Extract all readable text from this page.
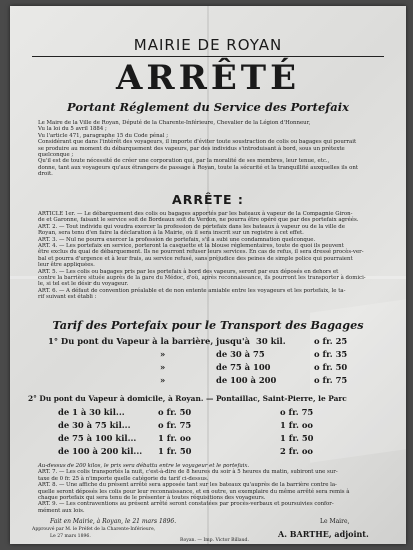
MAIRIE DE ROYAN
ARRÊTÉ
Portant Réglement du Service des Portefaix
Le Maire de la Ville de Royan, Député de la Charente-Inférieure, Chevalier de la Légion d'Honneur,
Vu la loi du 5 avril 1884 ;
Vu l'article 471, paragraphe 15 du Code pénal ;
Considérant que dans l'intérêt des voyageurs, il importe d'éviter toute soustraction de colis ou bagages qui pourrait
se produire au moment du débarquement des vapeurs, par des individus s'introduisant à bord, sous un prétexte
quelconque ;
Qu'il est de toute nécessité de créer une corporation qui, par la moralité de ses membres, leur tenue, etc.,
donne, tant aux voyageurs qu'aux étrangers de passage à Royan, toute la sécurité et la tranquillité auxquelles ils ont
droit.
ARRÊTE :
ARTICLE 1er. — Le débarquement des colis ou bagages apportés par les bateaux à vapeur de la Compagnie Giron-
de et Garonne, faisant le service soit de Bordeaux soit du Verdon, ne pourra être opéré que par des portefaix agréés.
ART. 2. — Tout individu qui voudra exercer la profession de portefaix dans les bateaux à vapeur ou de la ville de
Royan, sera tenu d'en faire la déclaration à la Mairie, où il sera inscrit sur un registre à cet effet.
ART. 3. — Nul ne pourra exercer la profession de portefaix, s'il a subi une condamnation quelconque.
ART. 4. — Les portefaix en service, porteront la casquette et la blouse réglementaires, toute de quoi ils peuvent
être exclus du quai de débarquement. Ils ne pourront refuser leurs services. En cas de refus, il sera dressé procès-ver-
bal et pourra d'urgence et à leur frais, au service refusé, sans préjudice des peines de simple police qui pourraient
leur être appliquées.
ART. 5. — Les colis ou bagages pris par les portefaix à bord des vapeurs, seront par eux déposés en dehors et
contre la barrière située auprès de la gare du Médoc, d'où, après reconnaissance, ils pourront les transporter à domici-
le, si tel est le désir du voyageur.
ART. 6. — A défaut de convention préalable et de non entente amiable entre les voyageurs et les portefaix, le ta-
rif suivant est établi :
Tarif des Portefaix pour le Transport des Bagages
1° Du pont du Vapeur à la barrière, jusqu'à 30 kil.	o fr. 25
»	de 30 à 75	o fr. 35
»	de 75 à 100	o fr. 50
»	de 100 à 200	o fr. 75
2° Du pont du Vapeur à domicile, à Royan. — Pontaillac, Saint-Pierre, le Parc
de 1 à 30 kil...	o fr. 50	o fr. 75
de 30 à 75 kil...	o fr. 75	1 fr. oo
de 75 à 100 kil...	1 fr. oo	1 fr. 50
de 100 à 200 kil... 1 fr. 50	2 fr. oo
Au-dessus de 200 kilos, le prix sera débattu entre le voyageur et le portefaix.
ART. 7. — Les colis transportés la nuit, c'est-à-dire de 8 heures du soir à 5 heures du matin, subiront une sur-
taxe de 0 fr. 25 à n'importe quelle catégorie du tarif ci-dessus.
ART. 8. — Une affiche du présent arrêté sera apposée tant sur les bateaux qu'auprès de la barrière contre la-
quelle seront déposés les colis pour leur reconnaissance, et en outre, un exemplaire du même arrêté sera remis à
chaque portefaix qui sera tenu de le présenter à toutes réquisitions des voyageurs.
ART. 9. — Les contraventions au présent arrêté seront constatées par procès-verbaux et poursuivies confor-
mément aux lois.
Fait en Mairie, à Royan, le 21 mars 1896.	Le Maire,
Approuvé par M. le Préfet de la Charente-Inférieure,
Le 27 mars 1896.	A. BARTHE, adjoint.
Royan. — Imp. Victor Billaud.
